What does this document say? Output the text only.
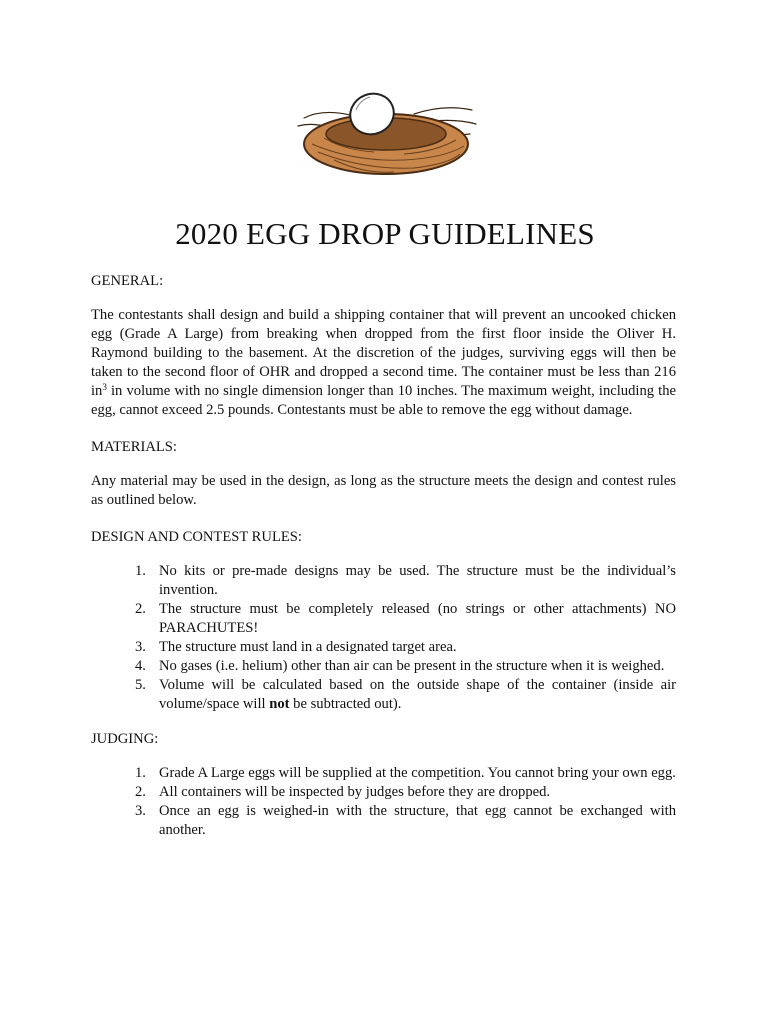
2020 EGG DROP GUIDELINES

GENERAL:

The contestants shall design and build a shipping container that will prevent an uncooked chicken egg (Grade A Large) from breaking when dropped from the first floor inside the Oliver H. Raymond building to the basement. At the discretion of the judges, surviving eggs will then be taken to the second floor of OHR and dropped a second time. The container must be less than 216 $in^3$ in volume with no single dimension longer than 10 inches. The maximum weight, including the egg, cannot exceed 2.5 pounds. Contestants must be able to remove the egg without damage.

MATERIALS:

Any material may be used in the design, as long as the structure meets the design and contest rules as outlined below.

DESIGN AND CONTEST RULES:

1. No kits or pre-made designs may be used. The structure must be the individual’s invention.
2. The structure must be completely released (no strings or other attachments) NO PARACHUTES!
3. The structure must land in a designated target area.
4. No gases (i.e. helium) other than air can be present in the structure when it is weighed.
5. Volume will be calculated based on the outside shape of the container (inside air volume/space will not be subtracted out).

JUDGING:

1. Grade A Large eggs will be supplied at the competition. You cannot bring your own egg.
2. All containers will be inspected by judges before they are dropped.
3. Once an egg is weighed-in with the structure, that egg cannot be exchanged with another.
